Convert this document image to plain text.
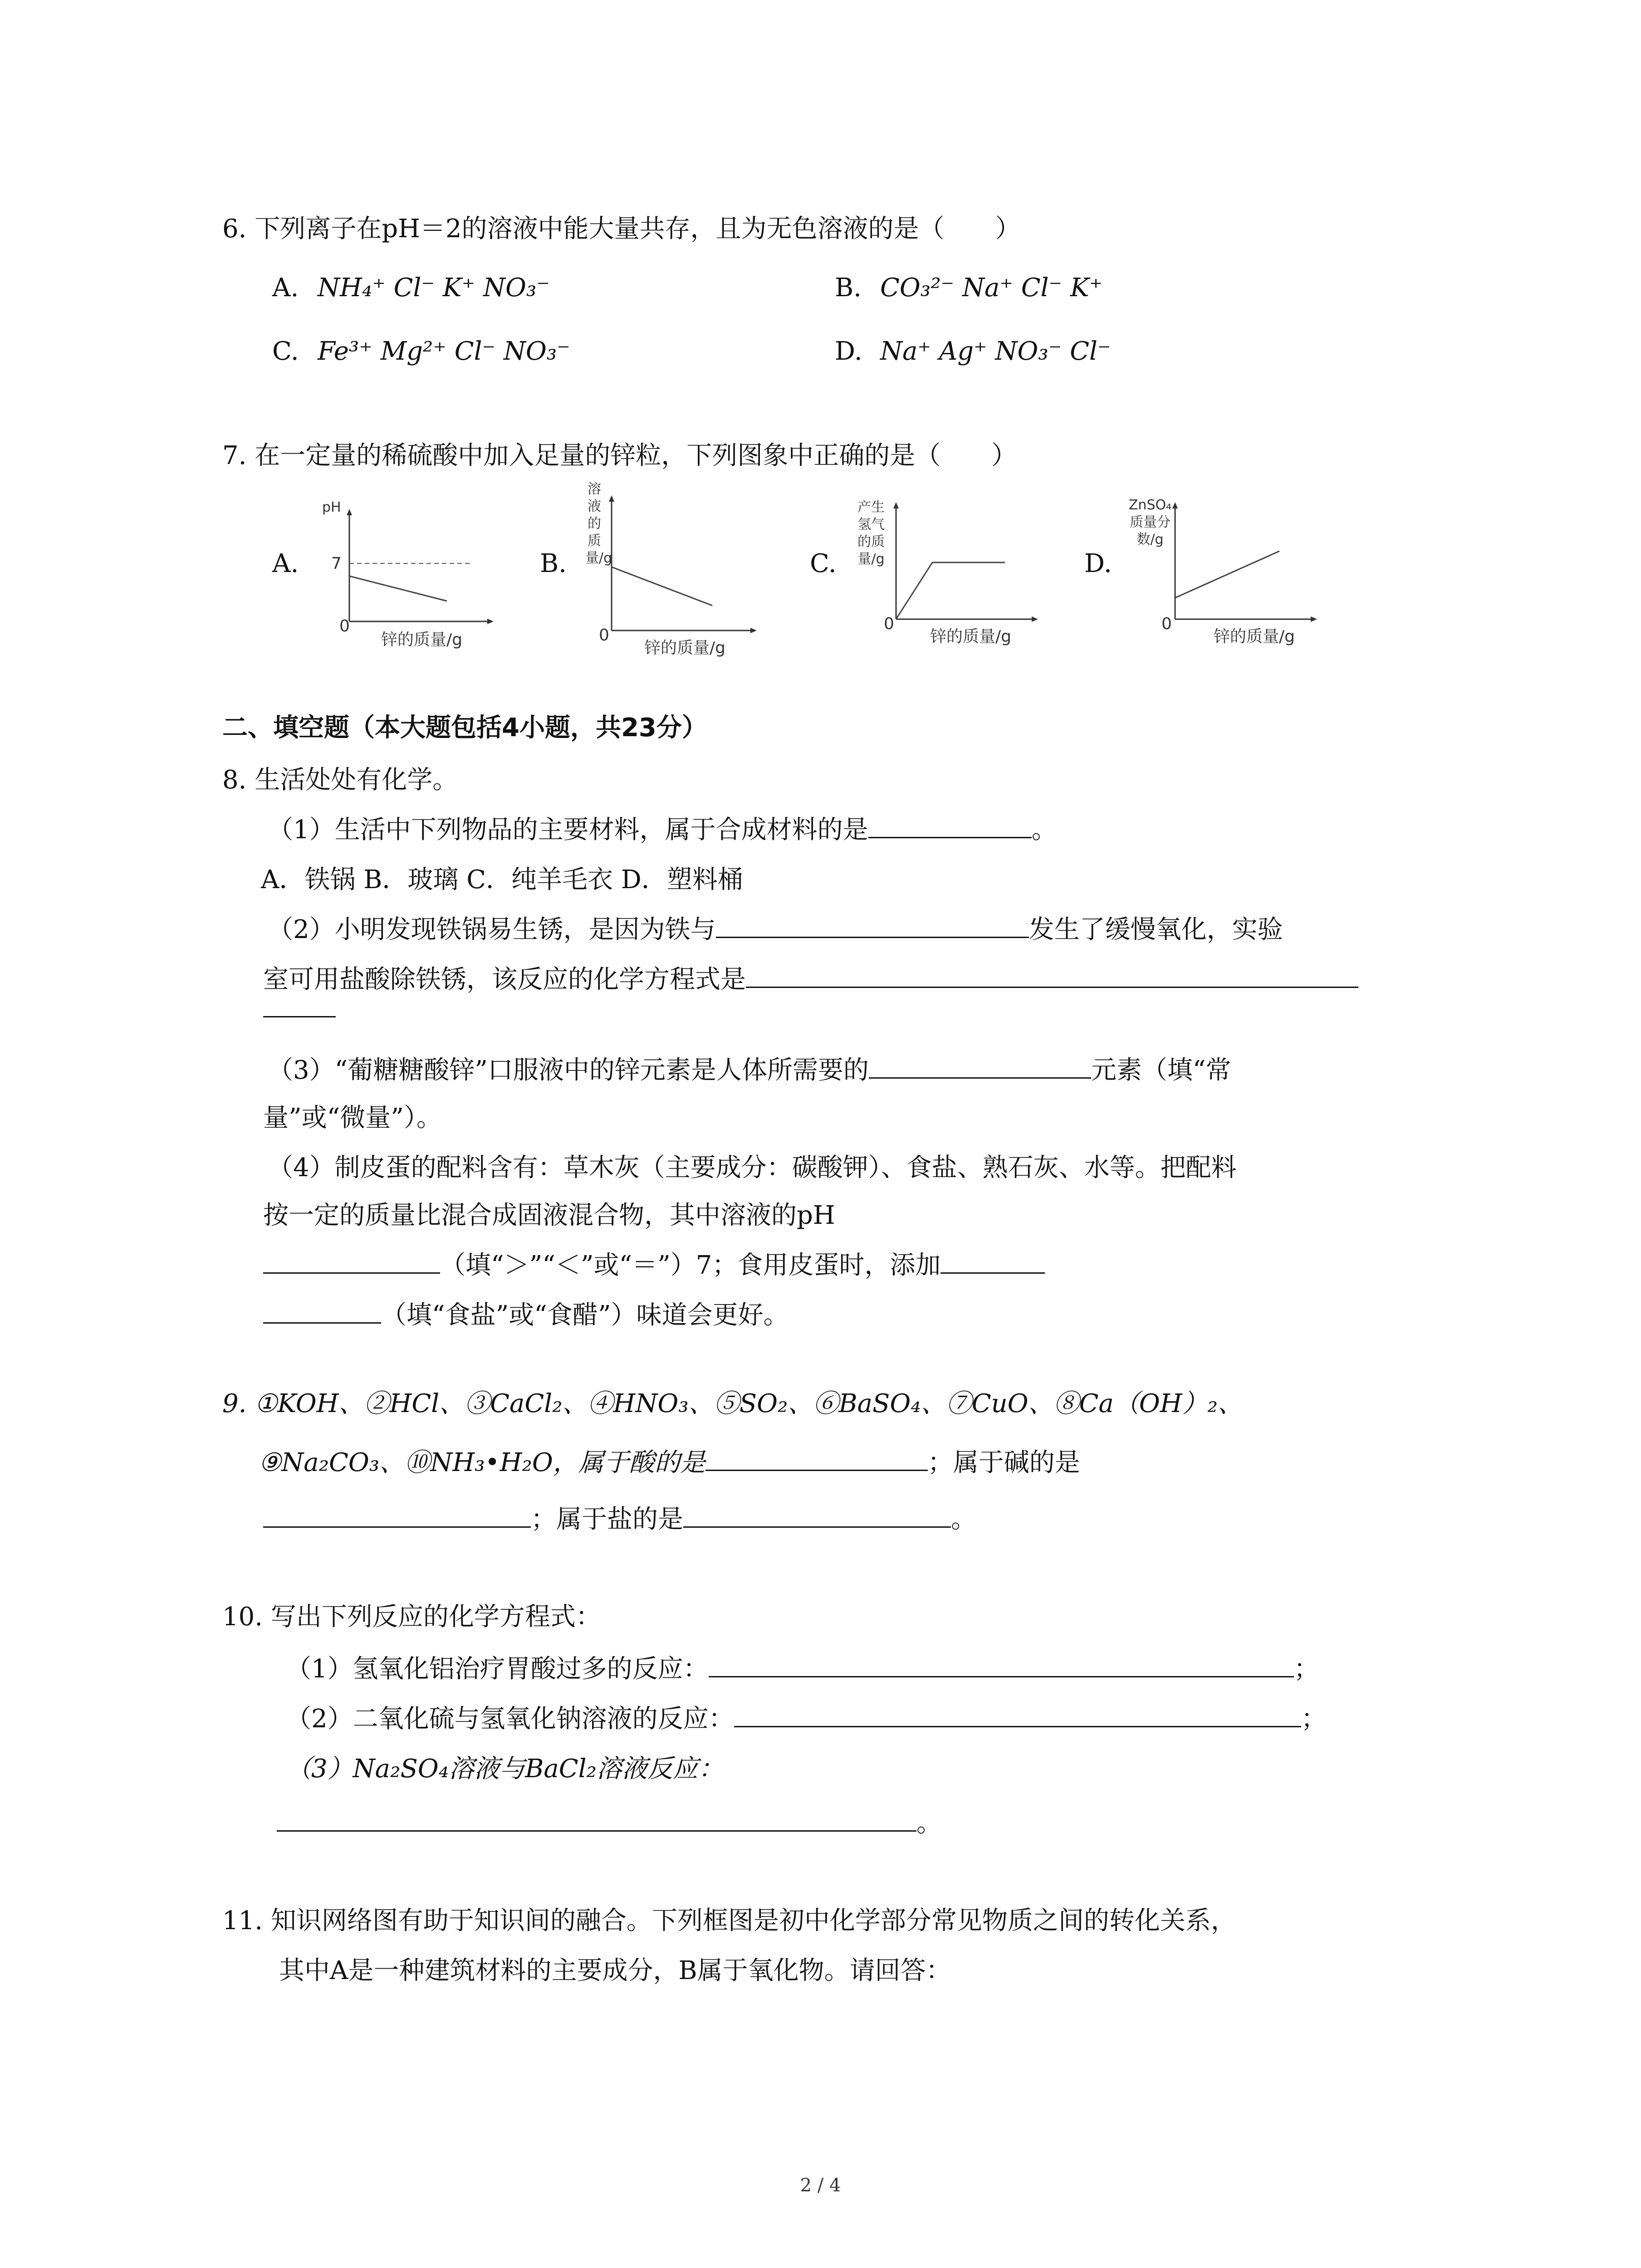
6. 下列离子在pH＝2的溶液中能大量共存，且为无色溶液的是（　　）
A. NH₄⁺ Cl⁻ K⁺ NO₃⁻	B. CO₃²⁻ Na⁺ Cl⁻ K⁺
C. Fe³⁺ Mg²⁺ Cl⁻ NO₃⁻	D. Na⁺ Ag⁺ NO₃⁻ Cl⁻
7. 在一定量的稀硫酸中加入足量的锌粒，下列图象中正确的是（　　）
A.
pH
7
0
锌的质量/g
B.
溶液的质量/g
0
锌的质量/g
C.
产生氢气的质量/g
0
锌的质量/g
D.
ZnSO₄质量分数/g
0
锌的质量/g
二、填空题（本大题包括4小题，共23分）
8. 生活处处有化学。
（1）生活中下列物品的主要材料，属于合成材料的是	。
A．铁锅 B．玻璃 C．纯羊毛衣 D．塑料桶
（2）小明发现铁锅易生锈，是因为铁与	发生了缓慢氧化，实验
室可用盐酸除铁锈，该反应的化学方程式是
（3）“葡糖糖酸锌”口服液中的锌元素是人体所需要的	元素（填“常
量”或“微量”）。
（4）制皮蛋的配料含有：草木灰（主要成分：碳酸钾）、食盐、熟石灰、水等。把配料
按一定的质量比混合成固液混合物，其中溶液的pH
（填“＞”“＜”或“＝”）7；食用皮蛋时，添加
（填“食盐”或“食醋”）味道会更好。
9. ①KOH、②HCl、③CaCl₂、④HNO₃、⑤SO₂、⑥BaSO₄、⑦CuO、⑧Ca（OH）₂、
⑨Na₂CO₃、⑩NH₃•H₂O，属于酸的是	；属于碱的是
；属于盐的是	。
10. 写出下列反应的化学方程式：
（1）氢氧化铝治疗胃酸过多的反应：	；
（2）二氧化硫与氢氧化钠溶液的反应：	；
（3）Na₂SO₄溶液与BaCl₂溶液反应：
。
11. 知识网络图有助于知识间的融合。下列框图是初中化学部分常见物质之间的转化关系，
其中A是一种建筑材料的主要成分，B属于氧化物。请回答：
2 / 4
